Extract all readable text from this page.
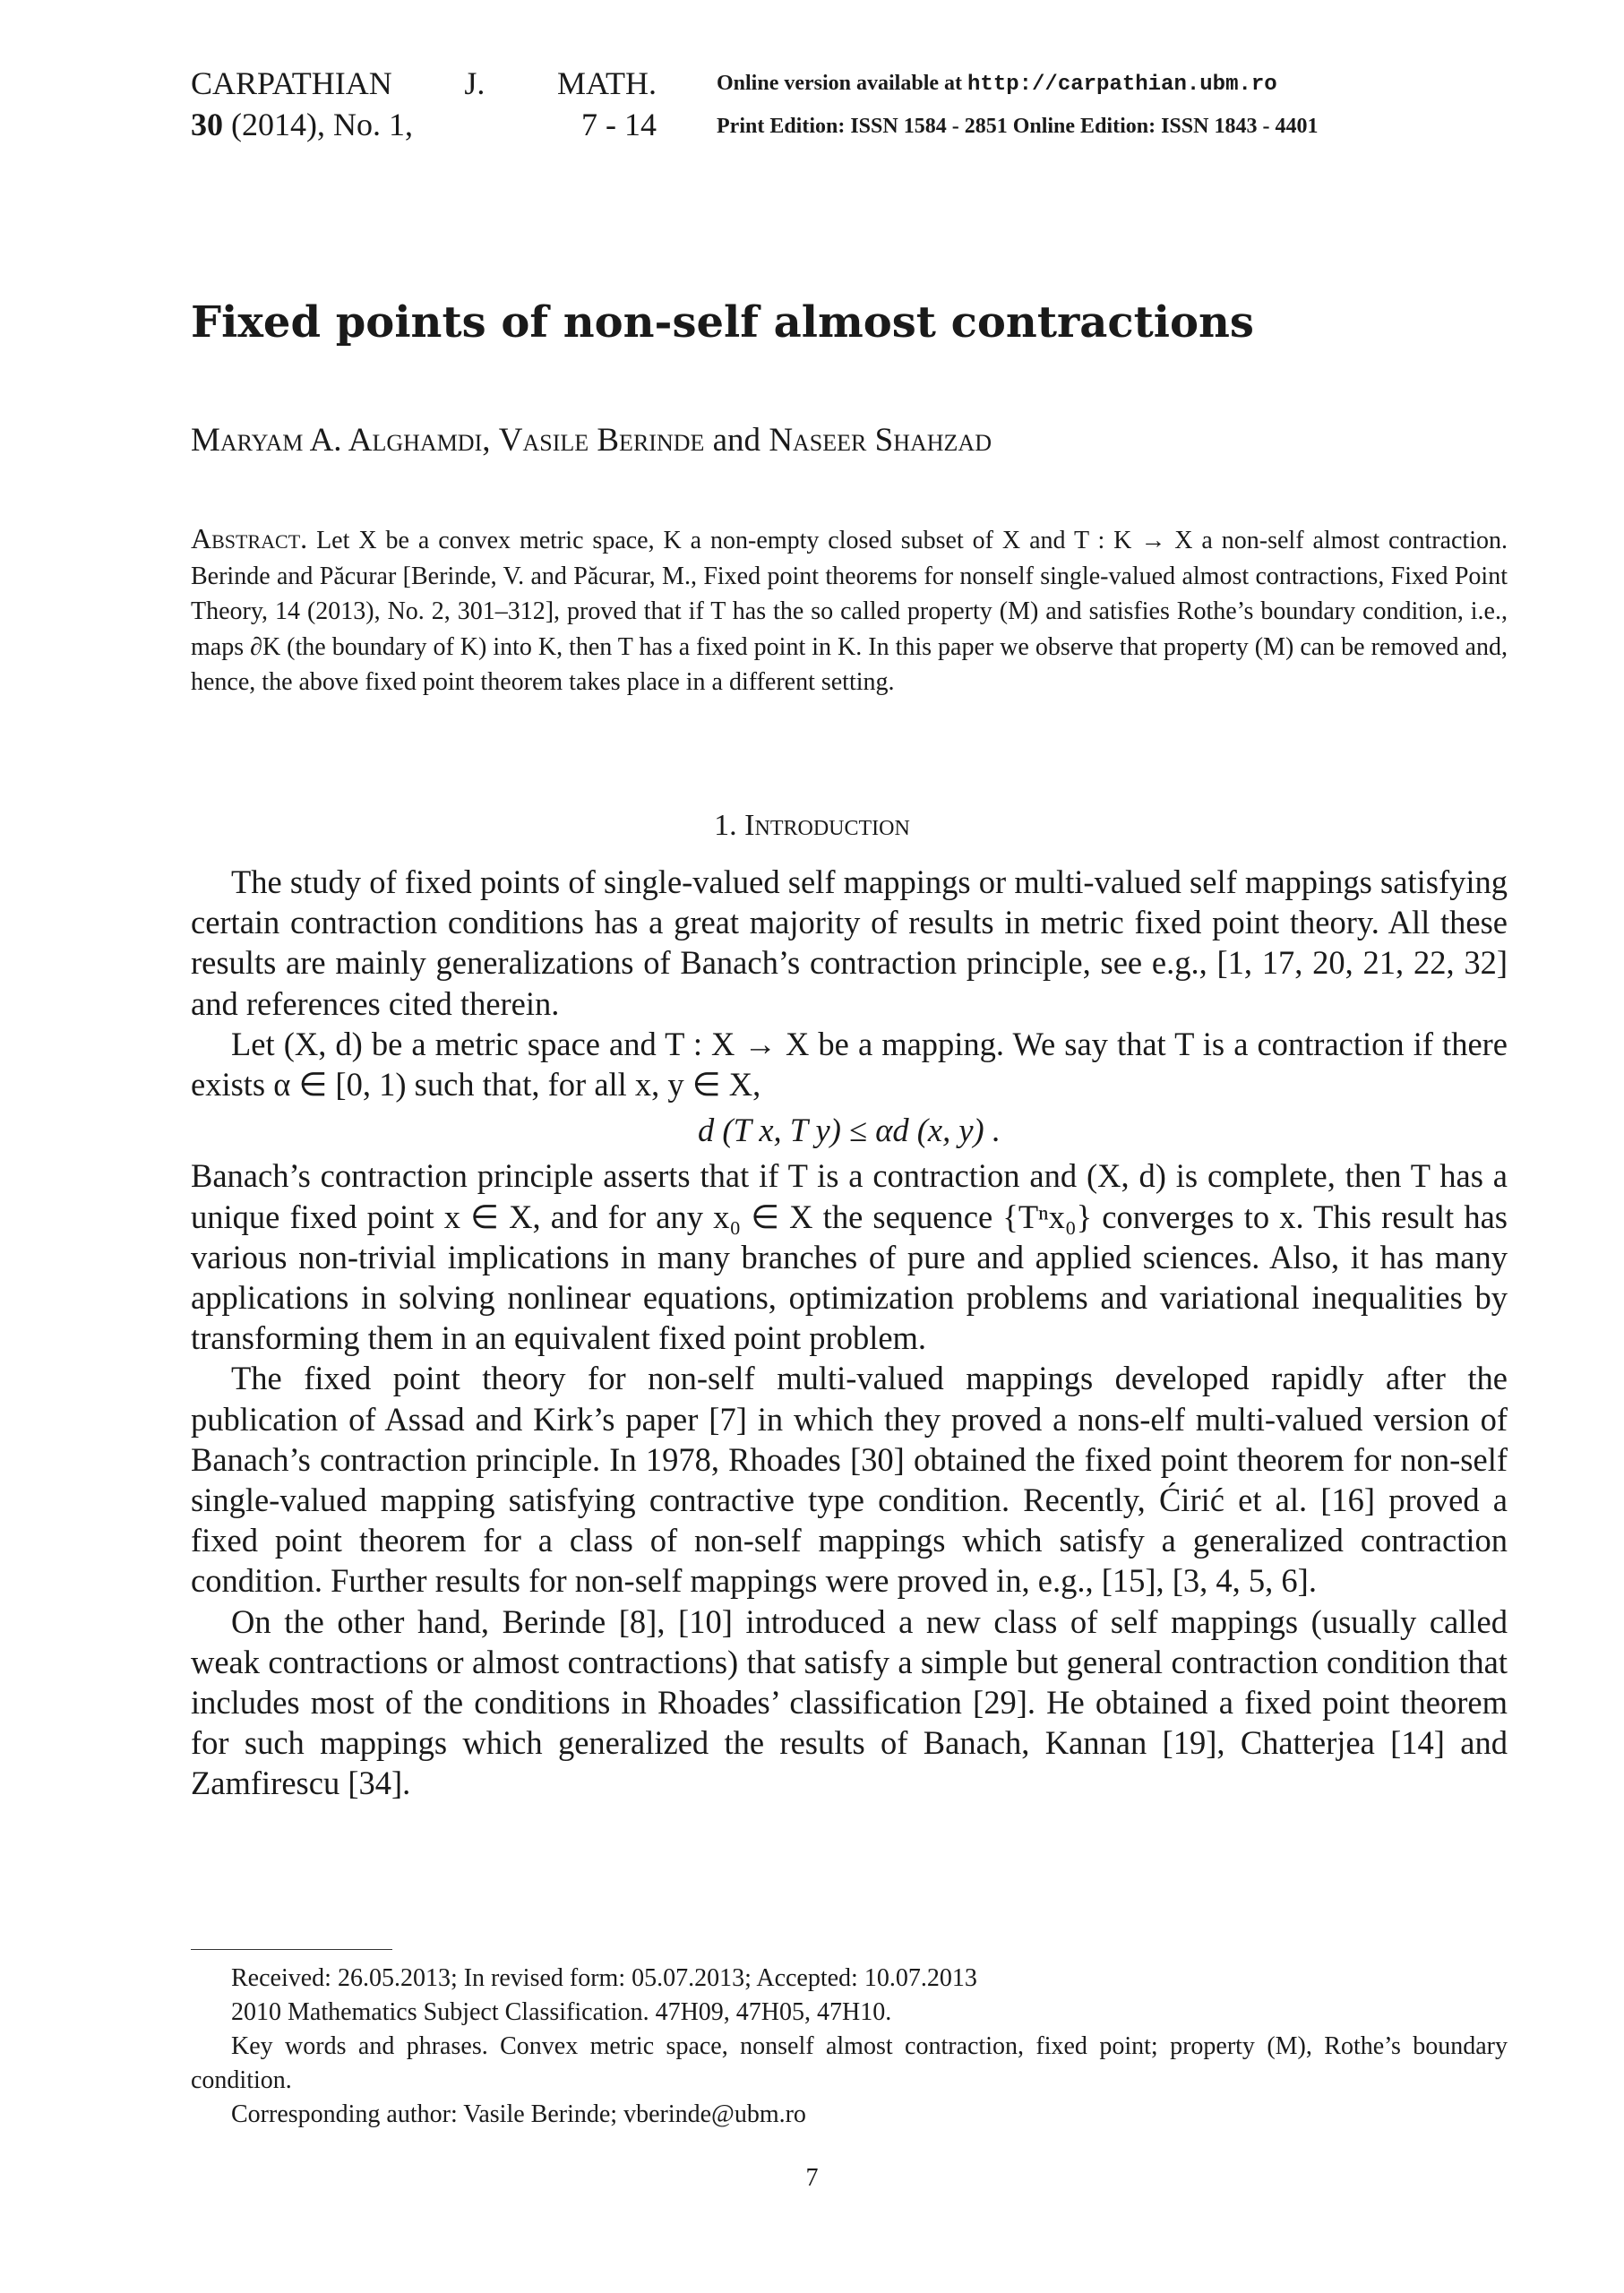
CARPATHIAN J. MATH.
30 (2014), No. 1,	7 - 14
Online version available at http://carpathian.ubm.ro
Print Edition: ISSN 1584 - 2851 Online Edition: ISSN 1843 - 4401
Fixed points of non-self almost contractions
Maryam A. Alghamdi, Vasile Berinde and Naseer Shahzad
Abstract. Let X be a convex metric space, K a non-empty closed subset of X and T : K → X a non-self almost contraction. Berinde and Păcurar [Berinde, V. and Păcurar, M., Fixed point theorems for nonself single-valued almost contractions, Fixed Point Theory, 14 (2013), No. 2, 301–312], proved that if T has the so called property (M) and satisfies Rothe’s boundary condition, i.e., maps ∂K (the boundary of K) into K, then T has a fixed point in K. In this paper we observe that property (M) can be removed and, hence, the above fixed point theorem takes place in a different setting.
1. Introduction

The study of fixed points of single-valued self mappings or multi-valued self mappings satisfying certain contraction conditions has a great majority of results in metric fixed point theory. All these results are mainly generalizations of Banach’s contraction principle, see e.g., [1, 17, 20, 21, 22, 32] and references cited therein.

Let (X, d) be a metric space and T : X → X be a mapping. We say that T is a contraction if there exists α ∈ [0, 1) such that, for all x, y ∈ X,

d (T x, T y) ≤ αd (x, y) .

Banach’s contraction principle asserts that if T is a contraction and (X, d) is complete, then T has a unique fixed point x ∈ X, and for any x₀ ∈ X the sequence {Tⁿx₀} converges to x. This result has various non-trivial implications in many branches of pure and applied sciences. Also, it has many applications in solving nonlinear equations, optimization problems and variational inequalities by transforming them in an equivalent fixed point problem.

The fixed point theory for non-self multi-valued mappings developed rapidly after the publication of Assad and Kirk’s paper [7] in which they proved a nons-elf multi-valued version of Banach’s contraction principle. In 1978, Rhoades [30] obtained the fixed point theorem for non-self single-valued mapping satisfying contractive type condition. Recently, Ćirić et al. [16] proved a fixed point theorem for a class of non-self mappings which satisfy a generalized contraction condition. Further results for non-self mappings were proved in, e.g., [15], [3, 4, 5, 6].

On the other hand, Berinde [8], [10] introduced a new class of self mappings (usually called weak contractions or almost contractions) that satisfy a simple but general contraction condition that includes most of the conditions in Rhoades’ classification [29]. He obtained a fixed point theorem for such mappings which generalized the results of Banach, Kannan [19], Chatterjea [14] and Zamfirescu [34].

Received: 26.05.2013; In revised form: 05.07.2013; Accepted: 10.07.2013

2010 Mathematics Subject Classification. 47H09, 47H05, 47H10.

Key words and phrases. Convex metric space, nonself almost contraction, fixed point; property (M), Rothe’s boundary condition.

Corresponding author: Vasile Berinde; vberinde@ubm.ro

7
